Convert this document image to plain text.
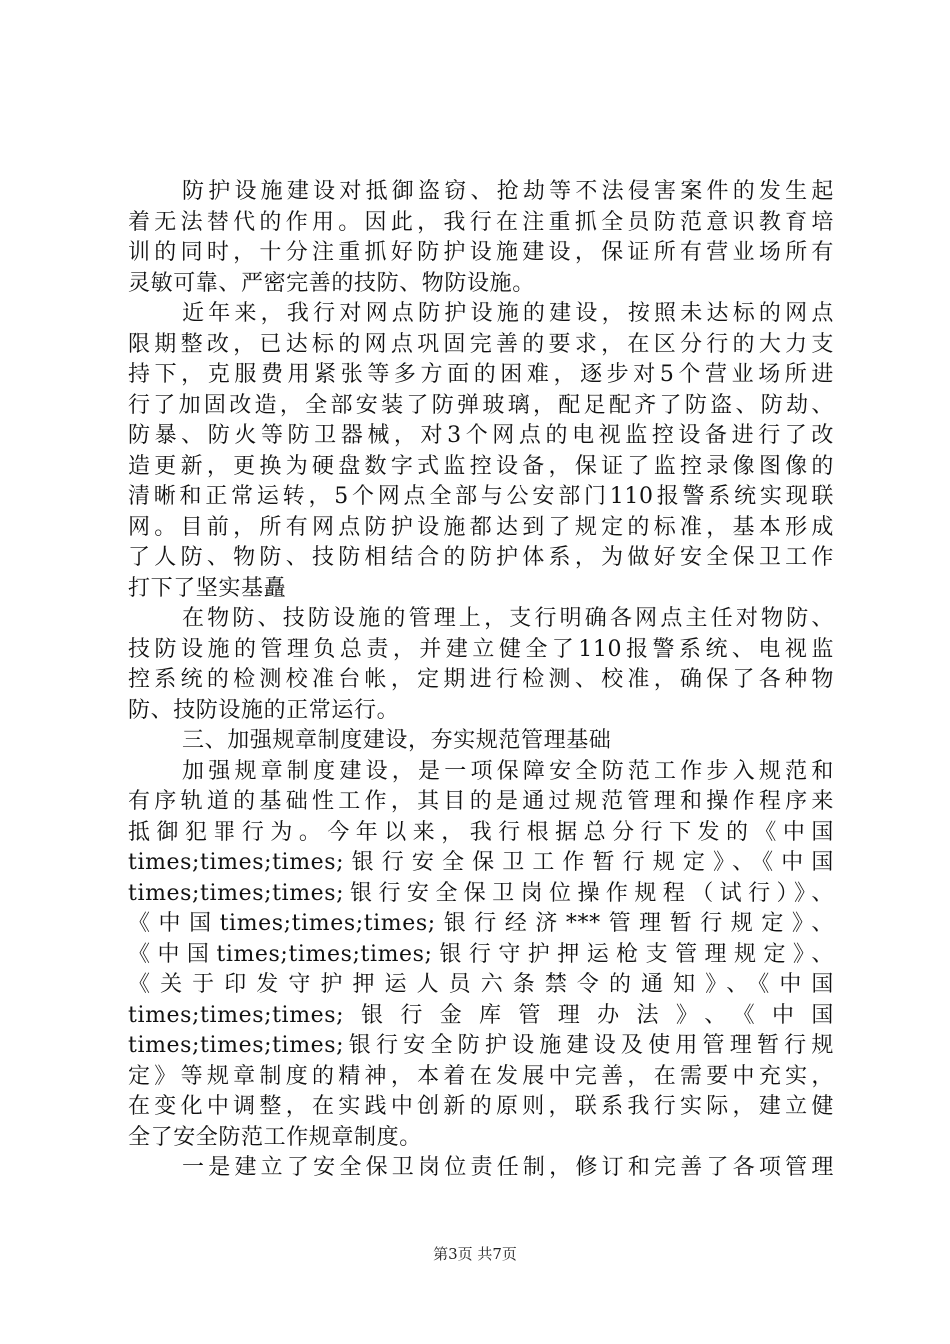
防护设施建设对抵御盗窃、抢劫等不法侵害案件的发生起
着无法替代的作用。因此，我行在注重抓全员防范意识教育培
训的同时，十分注重抓好防护设施建设，保证所有营业场所有
灵敏可靠、严密完善的技防、物防设施。
近年来，我行对网点防护设施的建设，按照未达标的网点
限期整改，已达标的网点巩固完善的要求，在区分行的大力支
持下，克服费用紧张等多方面的困难，逐步对5个营业场所进
行了加固改造，全部安装了防弹玻璃，配足配齐了防盗、防劫、
防暴、防火等防卫器械，对3个网点的电视监控设备进行了改
造更新，更换为硬盘数字式监控设备，保证了监控录像图像的
清晰和正常运转，5个网点全部与公安部门110报警系统实现联
网。目前，所有网点防护设施都达到了规定的标准，基本形成
了人防、物防、技防相结合的防护体系，为做好安全保卫工作
打下了坚实基矗
在物防、技防设施的管理上，支行明确各网点主任对物防、
技防设施的管理负总责，并建立健全了110报警系统、电视监
控系统的检测校准台帐，定期进行检测、校准，确保了各种物
防、技防设施的正常运行。
三、加强规章制度建设，夯实规范管理基础
加强规章制度建设，是一项保障安全防范工作步入规范和
有序轨道的基础性工作，其目的是通过规范管理和操作程序来
抵御犯罪行为。今年以来，我行根据总分行下发的《中国
times;times;times;银行安全保卫工作暂行规定》、《中国
times;times;times;银行安全保卫岗位操作规程（试行）》、
《中国times;times;times;银行经济***管理暂行规定》、
《中国times;times;times;银行守护押运枪支管理规定》、
《关于印发守护押运人员六条禁令的通知》、《中国
times;times;times;银行金库管理办法》、《中国
times;times;times;银行安全防护设施建设及使用管理暂行规
定》等规章制度的精神，本着在发展中完善，在需要中充实，
在变化中调整，在实践中创新的原则，联系我行实际，建立健
全了安全防范工作规章制度。
一是建立了安全保卫岗位责任制，修订和完善了各项管理
第3页 共7页
